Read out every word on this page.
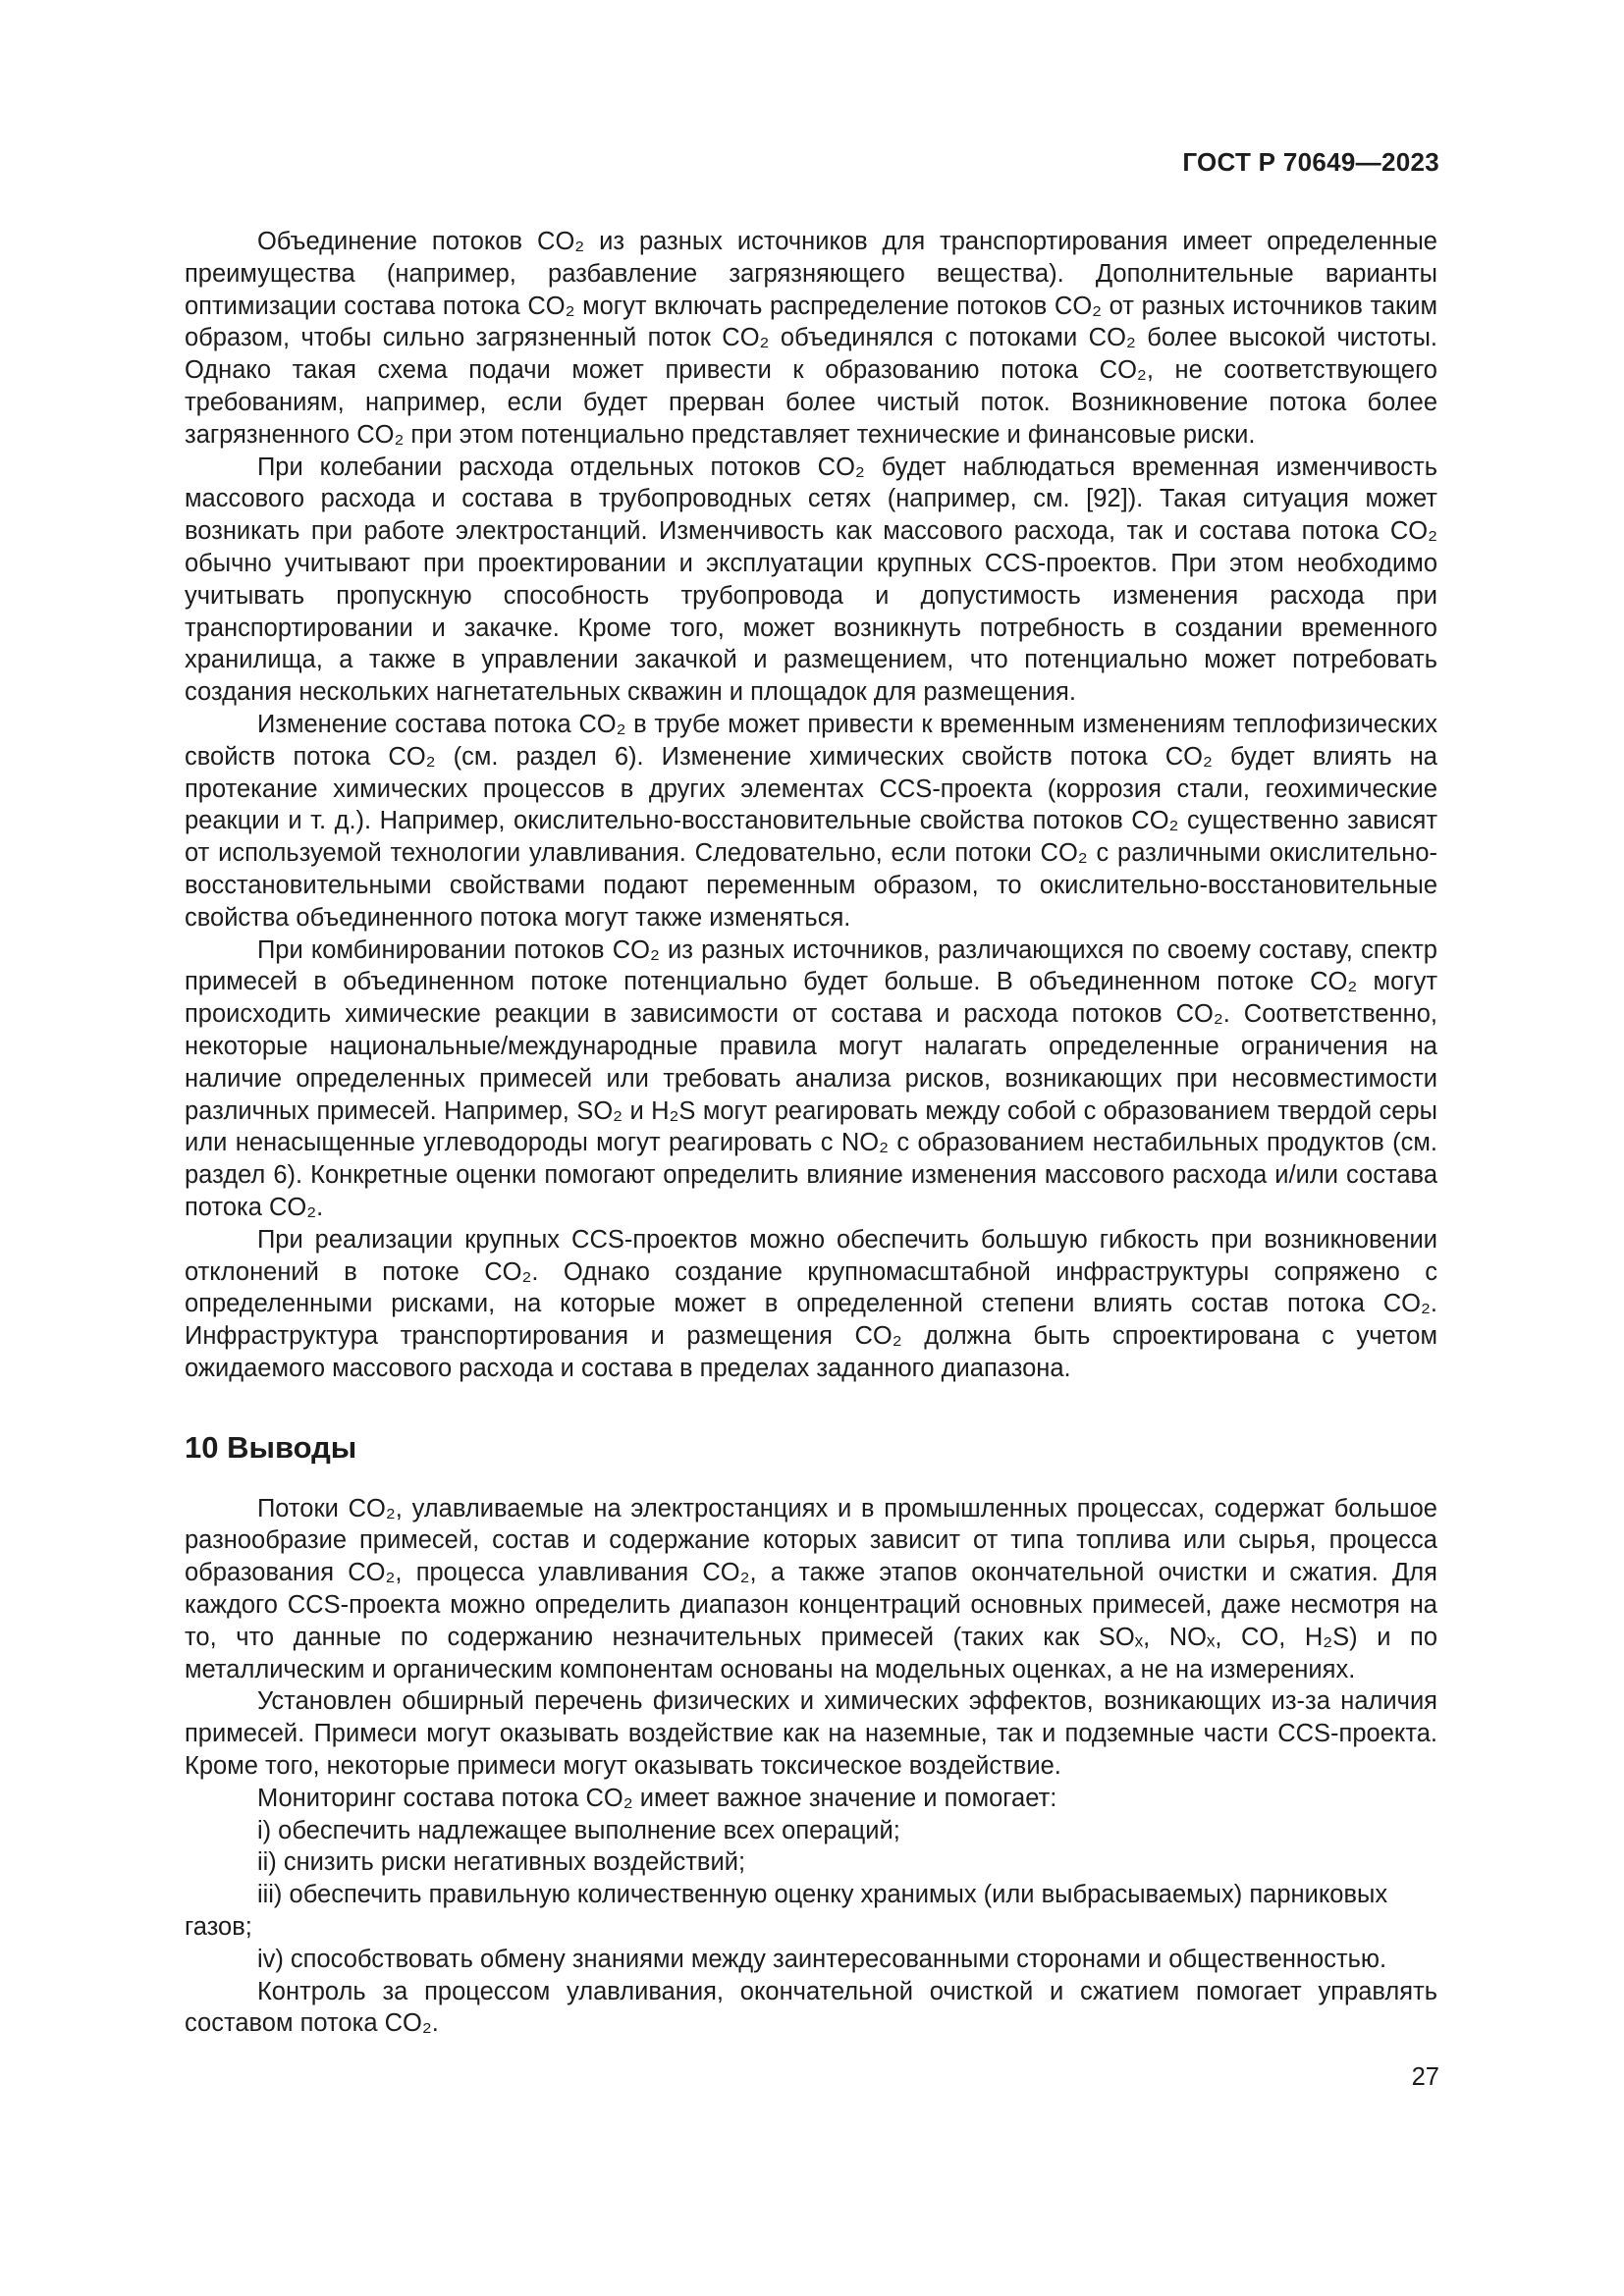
ГОСТ Р 70649—2023

Объединение потоков CO₂ из разных источников для транспортирования имеет определенные преимущества (например, разбавление загрязняющего вещества). Дополнительные варианты оптимизации состава потока CO₂ могут включать распределение потоков CO₂ от разных источников таким образом, чтобы сильно загрязненный поток CO₂ объединялся с потоками CO₂ более высокой чистоты. Однако такая схема подачи может привести к образованию потока CO₂, не соответствующего требованиям, например, если будет прерван более чистый поток. Возникновение потока более загрязненного CO₂ при этом потенциально представляет технические и финансовые риски.

При колебании расхода отдельных потоков CO₂ будет наблюдаться временная изменчивость массового расхода и состава в трубопроводных сетях (например, см. [92]). Такая ситуация может возникать при работе электростанций. Изменчивость как массового расхода, так и состава потока CO₂ обычно учитывают при проектировании и эксплуатации крупных CCS-проектов. При этом необходимо учитывать пропускную способность трубопровода и допустимость изменения расхода при транспортировании и закачке. Кроме того, может возникнуть потребность в создании временного хранилища, а также в управлении закачкой и размещением, что потенциально может потребовать создания нескольких нагнетательных скважин и площадок для размещения.

Изменение состава потока CO₂ в трубе может привести к временным изменениям теплофизических свойств потока CO₂ (см. раздел 6). Изменение химических свойств потока CO₂ будет влиять на протекание химических процессов в других элементах CCS-проекта (коррозия стали, геохимические реакции и т. д.). Например, окислительно-восстановительные свойства потоков CO₂ существенно зависят от используемой технологии улавливания. Следовательно, если потоки CO₂ с различными окислительно-восстановительными свойствами подают переменным образом, то окислительно-восстановительные свойства объединенного потока могут также изменяться.

При комбинировании потоков CO₂ из разных источников, различающихся по своему составу, спектр примесей в объединенном потоке потенциально будет больше. В объединенном потоке CO₂ могут происходить химические реакции в зависимости от состава и расхода потоков CO₂. Соответственно, некоторые национальные/международные правила могут налагать определенные ограничения на наличие определенных примесей или требовать анализа рисков, возникающих при несовместимости различных примесей. Например, SO₂ и H₂S могут реагировать между собой с образованием твердой серы или ненасыщенные углеводороды могут реагировать с NO₂ с образованием нестабильных продуктов (см. раздел 6). Конкретные оценки помогают определить влияние изменения массового расхода и/или состава потока CO₂.

При реализации крупных CCS-проектов можно обеспечить большую гибкость при возникновении отклонений в потоке CO₂. Однако создание крупномасштабной инфраструктуры сопряжено с определенными рисками, на которые может в определенной степени влиять состав потока CO₂. Инфраструктура транспортирования и размещения CO₂ должна быть спроектирована с учетом ожидаемого массового расхода и состава в пределах заданного диапазона.

10 Выводы

Потоки CO₂, улавливаемые на электростанциях и в промышленных процессах, содержат большое разнообразие примесей, состав и содержание которых зависит от типа топлива или сырья, процесса образования CO₂, процесса улавливания CO₂, а также этапов окончательной очистки и сжатия. Для каждого CCS-проекта можно определить диапазон концентраций основных примесей, даже несмотря на то, что данные по содержанию незначительных примесей (таких как SOₓ, NOₓ, CO, H₂S) и по металлическим и органическим компонентам основаны на модельных оценках, а не на измерениях.

Установлен обширный перечень физических и химических эффектов, возникающих из-за наличия примесей. Примеси могут оказывать воздействие как на наземные, так и подземные части CCS-проекта. Кроме того, некоторые примеси могут оказывать токсическое воздействие.

Мониторинг состава потока CO₂ имеет важное значение и помогает:

i) обеспечить надлежащее выполнение всех операций;

ii) снизить риски негативных воздействий;

iii) обеспечить правильную количественную оценку хранимых (или выбрасываемых) парниковых газов;

iv) способствовать обмену знаниями между заинтересованными сторонами и общественностью.

Контроль за процессом улавливания, окончательной очисткой и сжатием помогает управлять составом потока CO₂.

27
